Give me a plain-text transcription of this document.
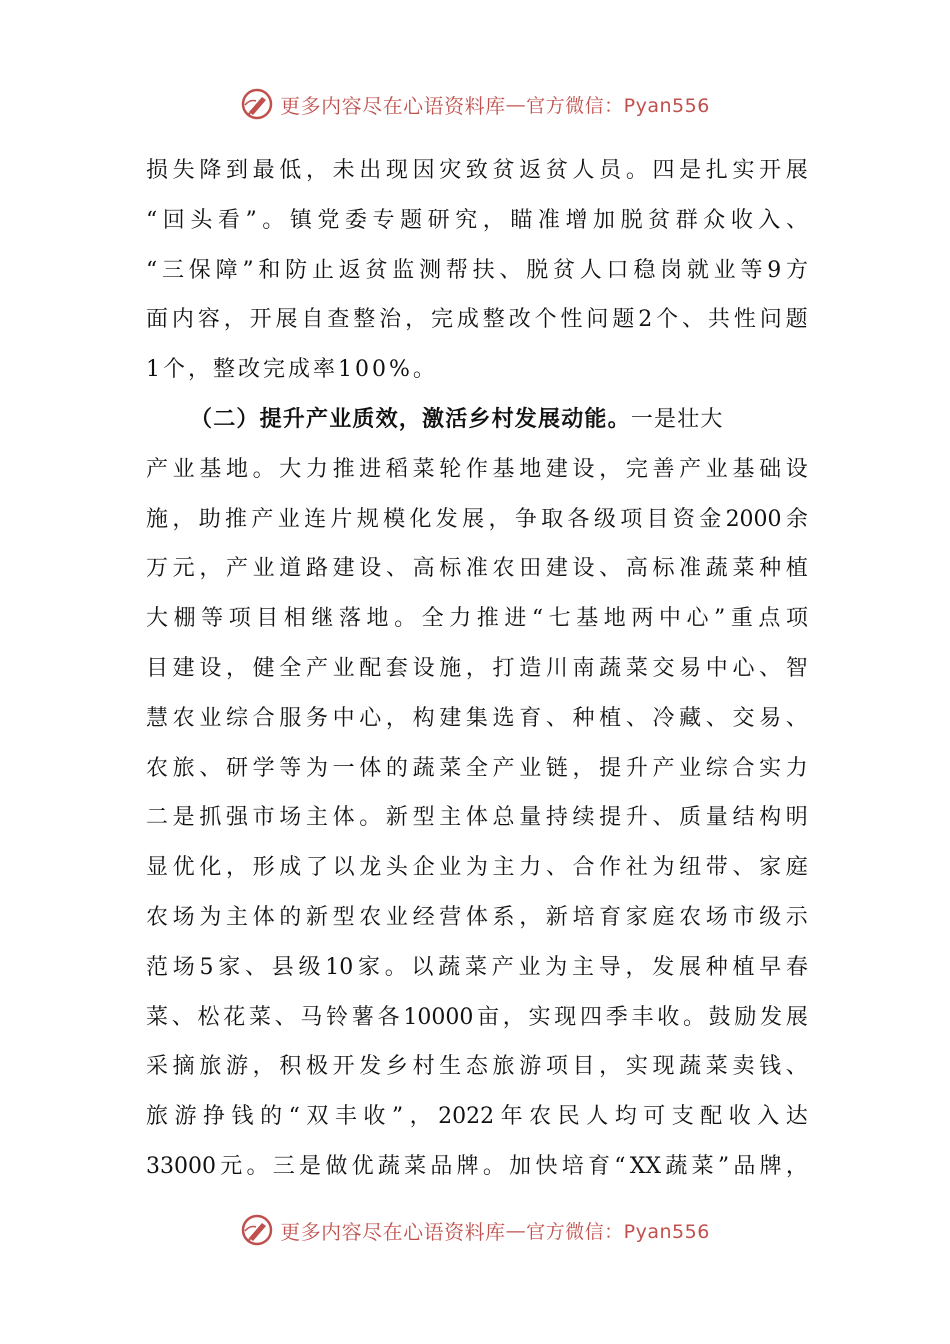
更多内容尽在心语资料库 — 官方微信：Pyan556
损 失 降 到 最 低 ， 未 出 现 因 灾 致 贫 返 贫 人 员 。 四 是 扎 实 开 展
“ 回 头 看 ” 。 镇 党 委 专 题 研 究 ， 瞄 准 增 加 脱 贫 群 众 收 入 、
“ 三 保 障 ” 和 防 止 返 贫 监 测 帮 扶 、 脱 贫 人 口 稳 岗 就 业 等 9 方
面 内 容 ， 开 展 自 查 整 治 ， 完 成 整 改 个 性 问 题 2 个 、 共 性 问 题
1个，整改完成率100%。
（二）提升产业质效，激活乡村发展动能。 一是壮大
产 业 基 地 。 大 力 推 进 稻 菜 轮 作 基 地 建 设 ， 完 善 产 业 基 础 设
施 ， 助 推 产 业 连 片 规 模 化 发 展 ， 争 取 各 级 项 目 资 金 2000 余
万 元 ， 产 业 道 路 建 设 、 高 标 准 农 田 建 设 、 高 标 准 蔬 菜 种 植
大 棚 等 项 目 相 继 落 地 。 全 力 推 进 “ 七 基 地 两 中 心 ” 重 点 项
目 建 设 ， 健 全 产 业 配 套 设 施 ， 打 造 川 南 蔬 菜 交 易 中 心 、 智
慧 农 业 综 合 服 务 中 心 ， 构 建 集 选 育 、 种 植 、 冷 藏 、 交 易 、
农 旅 、 研 学 等 为 一 体 的 蔬 菜 全 产 业 链 ， 提 升 产 业 综 合 实 力
二 是 抓 强 市 场 主 体 。 新 型 主 体 总 量 持 续 提 升 、 质 量 结 构 明
显 优 化 ， 形 成 了 以 龙 头 企 业 为 主 力 、 合 作 社 为 纽 带 、 家 庭
农 场 为 主 体 的 新 型 农 业 经 营 体 系 ， 新 培 育 家 庭 农 场 市 级 示
范 场 5 家 、 县 级 10 家 。 以 蔬 菜 产 业 为 主 导 ， 发 展 种 植 早 春
菜 、 松 花 菜 、 马 铃 薯 各 10000 亩 ， 实 现 四 季 丰 收 。 鼓 励 发 展
采 摘 旅 游 ， 积 极 开 发 乡 村 生 态 旅 游 项 目 ， 实 现 蔬 菜 卖 钱 、
旅 游 挣 钱 的 “ 双 丰 收 ” ， 2022 年 农 民 人 均 可 支 配 收 入 达
33000 元 。 三 是 做 优 蔬 菜 品 牌 。 加 快 培 育 “ XX 蔬 菜 ” 品 牌 ，
更多内容尽在心语资料库 — 官方微信：Pyan556
